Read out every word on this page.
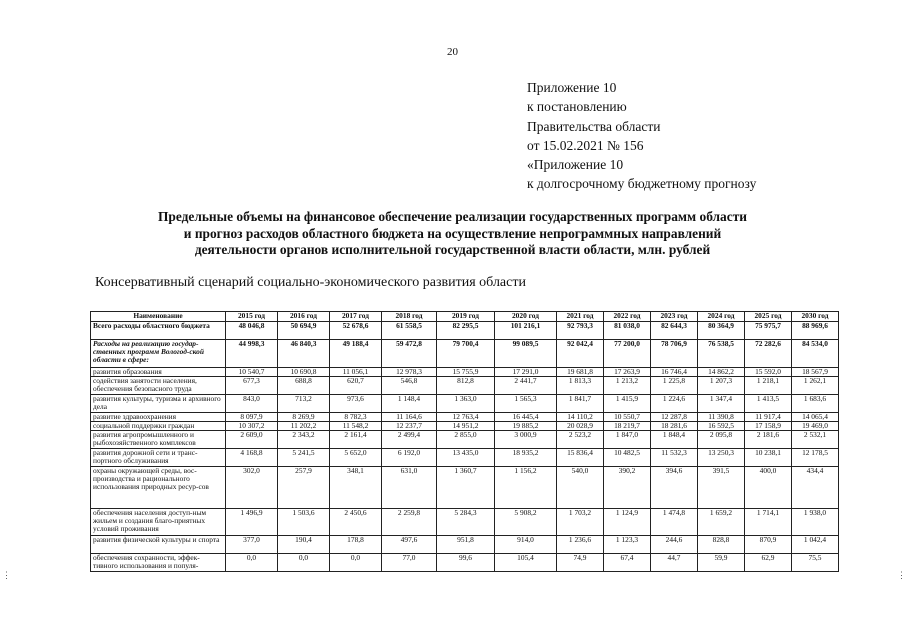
20
Приложение 10
к постановлению
Правительства области
от 15.02.2021 № 156
«Приложение 10
к долгосрочному бюджетному прогнозу
Предельные объемы на финансовое обеспечение реализации государственных программ области
и прогноз расходов областного бюджета на осуществление непрограммных направлений
деятельности органов исполнительной государственной власти области, млн. рублей
Консервативный сценарий социально-экономического развития области
Наименование	2015 год	2016 год	2017 год	2018 год	2019 год	2020 год	2021 год	2022 год	2023 год	2024 год	2025 год	2030 год
Всего расходы областного бюджета	48 046,8	50 694,9	52 678,6	61 558,5	82 295,5	101 216,1	92 793,3	81 038,0	82 644,3	80 364,9	75 975,7	88 969,6
Расходы на реализацию государ-ственных программ Вологод-ской области в сфере:	44 998,3	46 840,3	49 188,4	59 472,8	79 700,4	99 089,5	92 042,4	77 200,0	78 706,9	76 538,5	72 282,6	84 534,0
развития образования	10 540,7	10 690,8	11 056,1	12 978,3	15 755,9	17 291,0	19 681,8	17 263,9	16 746,4	14 862,2	15 592,0	18 567,9
содействия занятости населения, обеспечения безопасного труда	677,3	688,8	620,7	546,8	812,8	2 441,7	1 813,3	1 213,2	1 225,8	1 207,3	1 218,1	1 262,1
развития культуры, туризма и архивного дела	843,0	713,2	973,6	1 148,4	1 363,0	1 565,3	1 841,7	1 415,9	1 224,6	1 347,4	1 413,5	1 683,6
развитие здравоохранения	8 097,9	8 269,9	8 782,3	11 164,6	12 763,4	16 445,4	14 110,2	10 550,7	12 287,8	11 390,8	11 917,4	14 065,4
социальной поддержки граждан	10 307,2	11 202,2	11 548,2	12 237,7	14 951,2	19 885,2	20 028,9	18 219,7	18 281,6	16 592,5	17 158,9	19 469,0
развития агропромышленного и рыбохозяйственного комплексов	2 609,0	2 343,2	2 161,4	2 499,4	2 855,0	3 000,9	2 523,2	1 847,0	1 848,4	2 095,8	2 181,6	2 532,1
развития дорожной сети и транс-портного обслуживания	4 168,8	5 241,5	5 652,0	6 192,0	13 435,0	18 935,2	15 836,4	10 482,5	11 532,3	13 250,3	10 238,1	12 178,5
охраны окружающей среды, вос-производства и рационального использования природных ресур-сов	302,0	257,9	348,1	631,0	1 360,7	1 156,2	540,0	390,2	394,6	391,5	400,0	434,4
обеспечения населения доступ-ным жильем и создания благо-приятных условий проживания	1 496,9	1 503,6	2 450,6	2 259,8	5 284,3	5 908,2	1 703,2	1 124,9	1 474,8	1 659,2	1 714,1	1 938,0
развития физической культуры и спорта	377,0	190,4	178,8	497,6	951,8	914,0	1 236,6	1 123,3	244,6	828,8	870,9	1 042,4
обеспечения сохранности, эффек-тивного использования и популя-	0,0	0,0	0,0	77,0	99,6	105,4	74,9	67,4	44,7	59,9	62,9	75,5
⋮	⋮
